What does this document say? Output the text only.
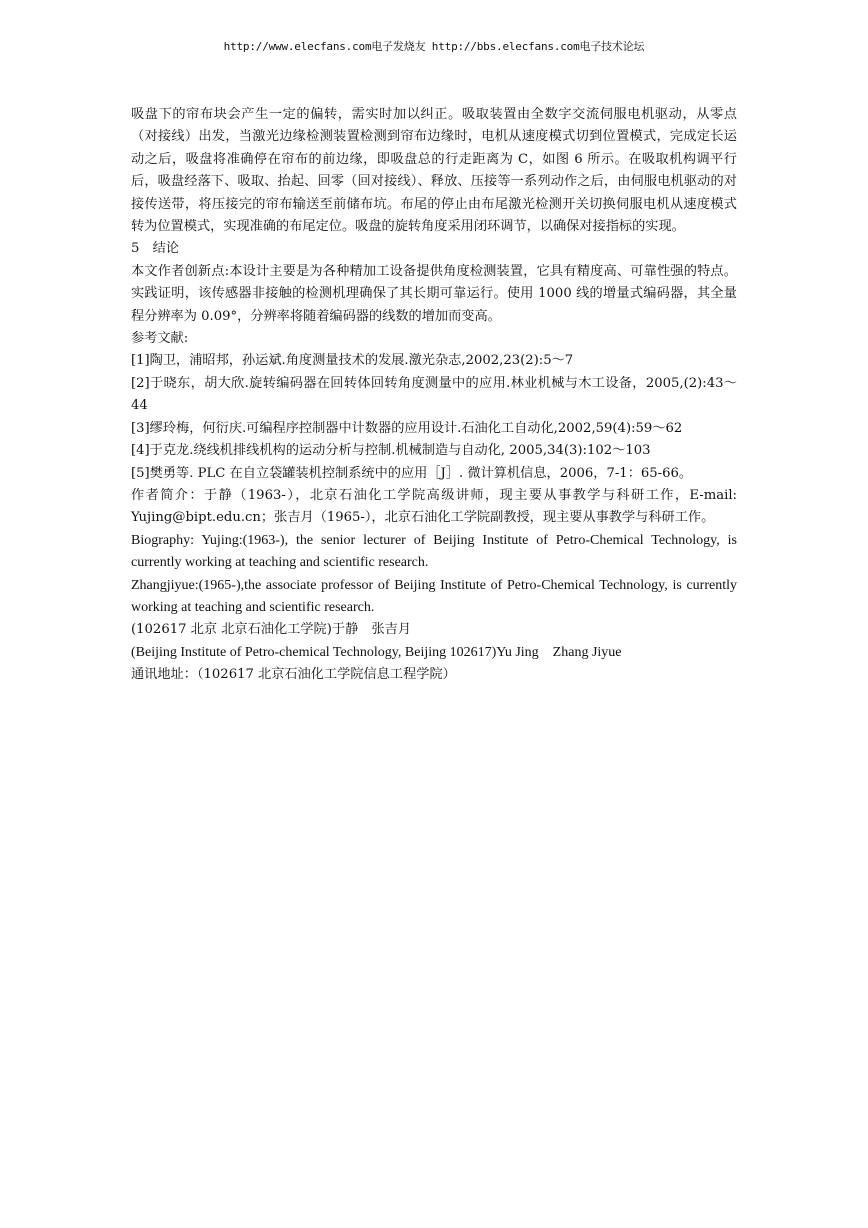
http://www.elecfans.com电子发烧友 http://bbs.elecfans.com电子技术论坛

吸盘下的帘布块会产生一定的偏转，需实时加以纠正。吸取装置由全数字交流伺服电机驱动，从零点（对接线）出发，当激光边缘检测装置检测到帘布边缘时，电机从速度模式切到位置模式，完成定长运动之后，吸盘将准确停在帘布的前边缘，即吸盘总的行走距离为 C，如图 6 所示。在吸取机构调平行后，吸盘经落下、吸取、抬起、回零（回对接线）、释放、压接等一系列动作之后，由伺服电机驱动的对接传送带，将压接完的帘布输送至前储布坑。布尾的停止由布尾激光检测开关切换伺服电机从速度模式转为位置模式，实现准确的布尾定位。吸盘的旋转角度采用闭环调节，以确保对接指标的实现。

5　结论

本文作者创新点:本设计主要是为各种精加工设备提供角度检测装置，它具有精度高、可靠性强的特点。实践证明，该传感器非接触的检测机理确保了其长期可靠运行。使用 1000 线的增量式编码器，其全量程分辨率为 0.09°，分辨率将随着编码器的线数的增加而变高。

参考文献:

[1]陶卫，浦昭邦，孙运斌.角度测量技术的发展.激光杂志,2002,23(2):5～7

[2]于晓东，胡大欣.旋转编码器在回转体回转角度测量中的应用.林业机械与木工设备，2005,(2):43～44

[3]缪玲梅，何衍庆.可编程序控制器中计数器的应用设计.石油化工自动化,2002,59(4):59～62

[4]于克龙.绕线机排线机构的运动分析与控制.机械制造与自动化, 2005,34(3):102～103

[5]樊勇等. PLC 在自立袋罐装机控制系统中的应用［J］. 微计算机信息，2006，7-1：65-66。

作者简介：于静（1963-），北京石油化工学院高级讲师，现主要从事教学与科研工作，E-mail: Yujing@bipt.edu.cn；张吉月（1965-），北京石油化工学院副教授，现主要从事教学与科研工作。

Biography: Yujing:(1963-), the senior lecturer of Beijing Institute of Petro-Chemical Technology, is currently working at teaching and scientific research.

Zhangjiyue:(1965-),the associate professor of Beijing Institute of Petro-Chemical Technology, is currently working at teaching and scientific research.

(102617 北京 北京石油化工学院)于静　张吉月

(Beijing Institute of Petro-chemical Technology, Beijing 102617)Yu Jing　Zhang Jiyue

通讯地址：（102617 北京石油化工学院信息工程学院）
